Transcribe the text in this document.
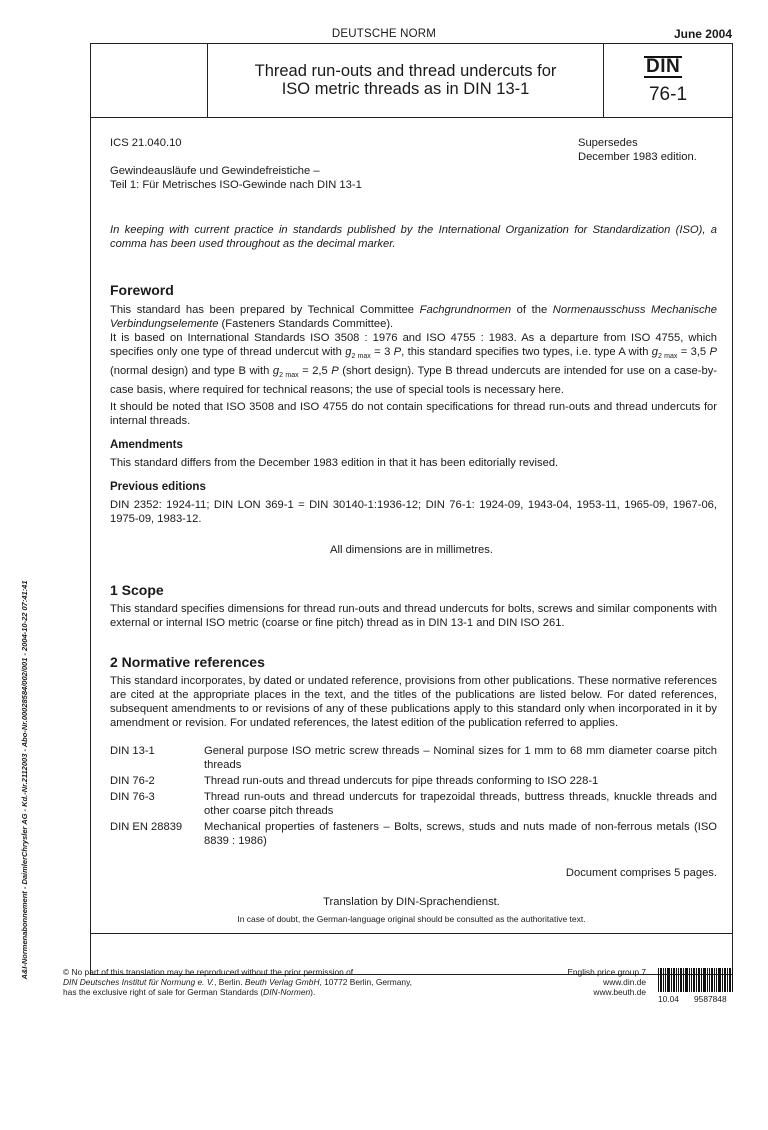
DEUTSCHE NORM	June 2004
Thread run-outs and thread undercuts for
ISO metric threads as in DIN 13-1
DIN
76-1
ICS 21.040.10	Supersedes
December 1983 edition.
Gewindeausläufe und Gewindefreistiche –
Teil 1: Für Metrisches ISO-Gewinde nach DIN 13-1
In keeping with current practice in standards published by the International Organization for Standardization (ISO), a comma has been used throughout as the decimal marker.
Foreword
This standard has been prepared by Technical Committee Fachgrundnormen of the Normenausschuss Mechanische Verbindungselemente (Fasteners Standards Committee).
It is based on International Standards ISO 3508 : 1976 and ISO 4755 : 1983. As a departure from ISO 4755, which specifies only one type of thread undercut with $g_{2 max} = 3$ P, this standard specifies two types, i.e. type A with $g_{2 max} = 3,5$ P (normal design) and type B with $g_{2 max} = 2,5$ P (short design). Type B thread undercuts are intended for use on a case-by-case basis, where required for technical reasons; the use of special tools is necessary here.
It should be noted that ISO 3508 and ISO 4755 do not contain specifications for thread run-outs and thread undercuts for internal threads.
Amendments
This standard differs from the December 1983 edition in that it has been editorially revised.
Previous editions
DIN 2352: 1924-11; DIN LON 369-1 = DIN 30140-1:1936-12; DIN 76-1: 1924-09, 1943-04, 1953-11, 1965-09, 1967-06, 1975-09, 1983-12.
All dimensions are in millimetres.
1 Scope
This standard specifies dimensions for thread run-outs and thread undercuts for bolts, screws and similar components with external or internal ISO metric (coarse or fine pitch) thread as in DIN 13-1 and DIN ISO 261.
2 Normative references
This standard incorporates, by dated or undated reference, provisions from other publications. These normative references are cited at the appropriate places in the text, and the titles of the publications are listed below. For dated references, subsequent amendments to or revisions of any of these publications apply to this standard only when incorporated in it by amendment or revision. For undated references, the latest edition of the publication referred to applies.
DIN 13-1	General purpose ISO metric screw threads – Nominal sizes for 1 mm to 68 mm diameter coarse pitch threads
DIN 76-2	Thread run-outs and thread undercuts for pipe threads conforming to ISO 228-1
DIN 76-3	Thread run-outs and thread undercuts for trapezoidal threads, buttress threads, knuckle threads and other coarse pitch threads
DIN EN 28839	Mechanical properties of fasteners – Bolts, screws, studs and nuts made of non-ferrous metals (ISO 8839 : 1986)
Document comprises 5 pages.
Translation by DIN-Sprachendienst.
In case of doubt, the German-language original should be consulted as the authoritative text.
A&I-Normenabonnement - DaimlerChrysler AG - Kd.-Nr.2112003 - Abo-Nr.00028584/002/001 - 2004-10-22 07:41:41	© No part of this translation may be reproduced without the prior permission of
DIN Deutsches Institut für Normung e. V., Berlin. Beuth Verlag GmbH, 10772 Berlin, Germany,
has the exclusive right of sale for German Standards (DIN-Normen).
English price group 7
www.din.de
www.beuth.de
10.04 9587848
